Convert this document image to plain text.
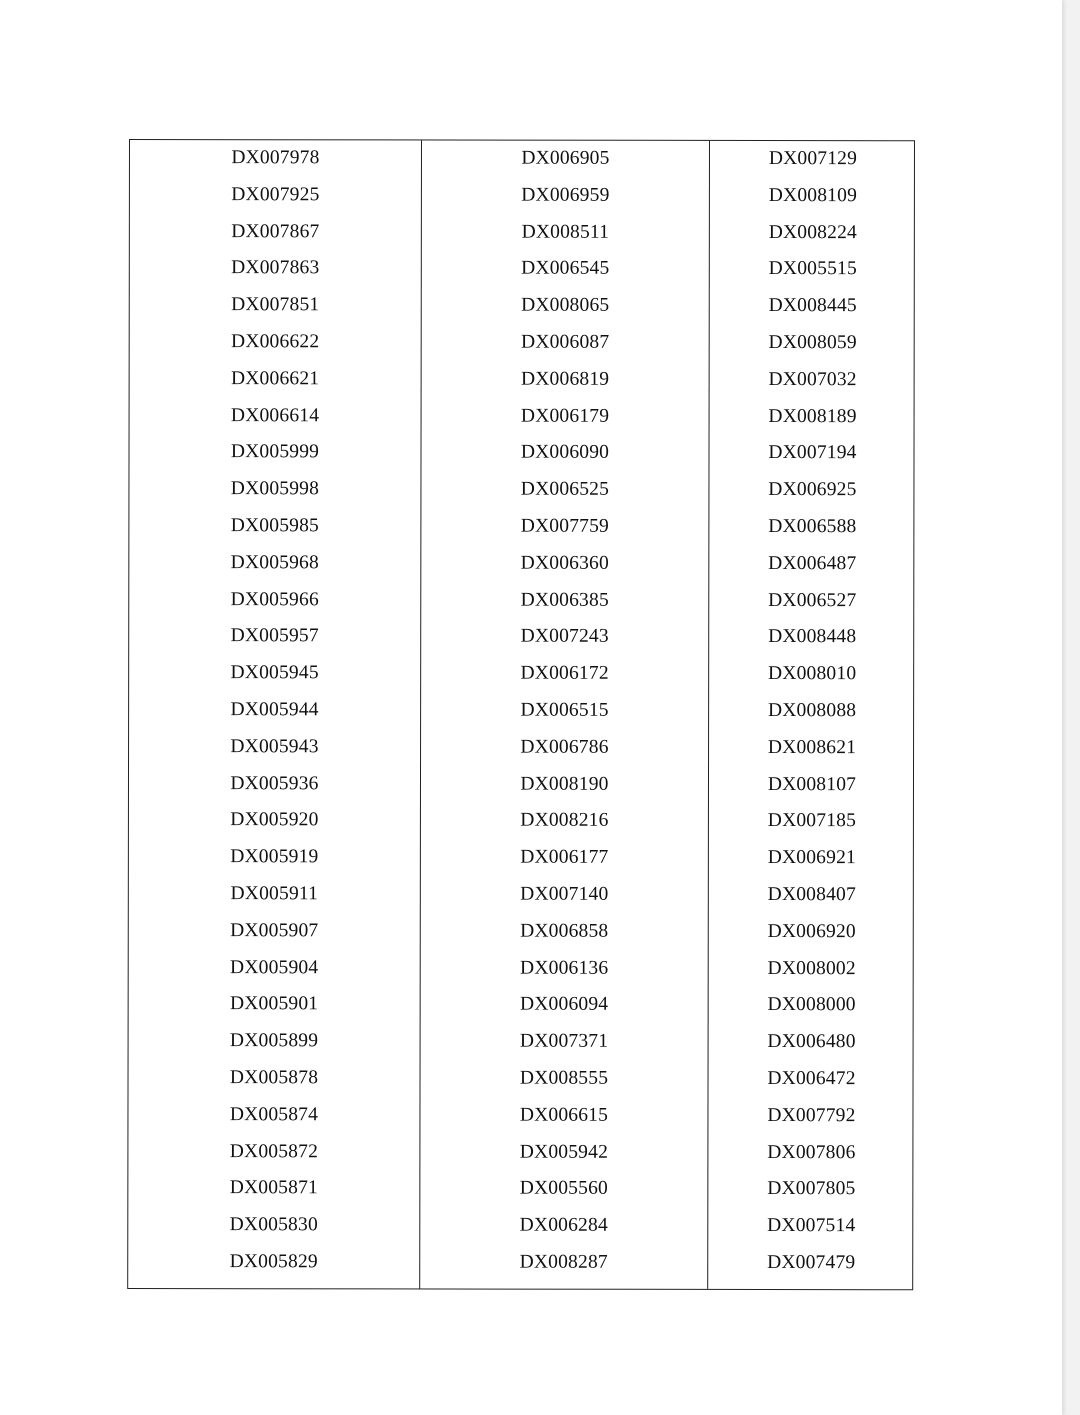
DX007978
DX007925
DX007867
DX007863
DX007851
DX006622
DX006621
DX006614
DX005999
DX005998
DX005985
DX005968
DX005966
DX005957
DX005945
DX005944
DX005943
DX005936
DX005920
DX005919
DX005911
DX005907
DX005904
DX005901
DX005899
DX005878
DX005874
DX005872
DX005871
DX005830
DX005829
DX006905
DX006959
DX008511
DX006545
DX008065
DX006087
DX006819
DX006179
DX006090
DX006525
DX007759
DX006360
DX006385
DX007243
DX006172
DX006515
DX006786
DX008190
DX008216
DX006177
DX007140
DX006858
DX006136
DX006094
DX007371
DX008555
DX006615
DX005942
DX005560
DX006284
DX008287
DX007129
DX008109
DX008224
DX005515
DX008445
DX008059
DX007032
DX008189
DX007194
DX006925
DX006588
DX006487
DX006527
DX008448
DX008010
DX008088
DX008621
DX008107
DX007185
DX006921
DX008407
DX006920
DX008002
DX008000
DX006480
DX006472
DX007792
DX007806
DX007805
DX007514
DX007479
